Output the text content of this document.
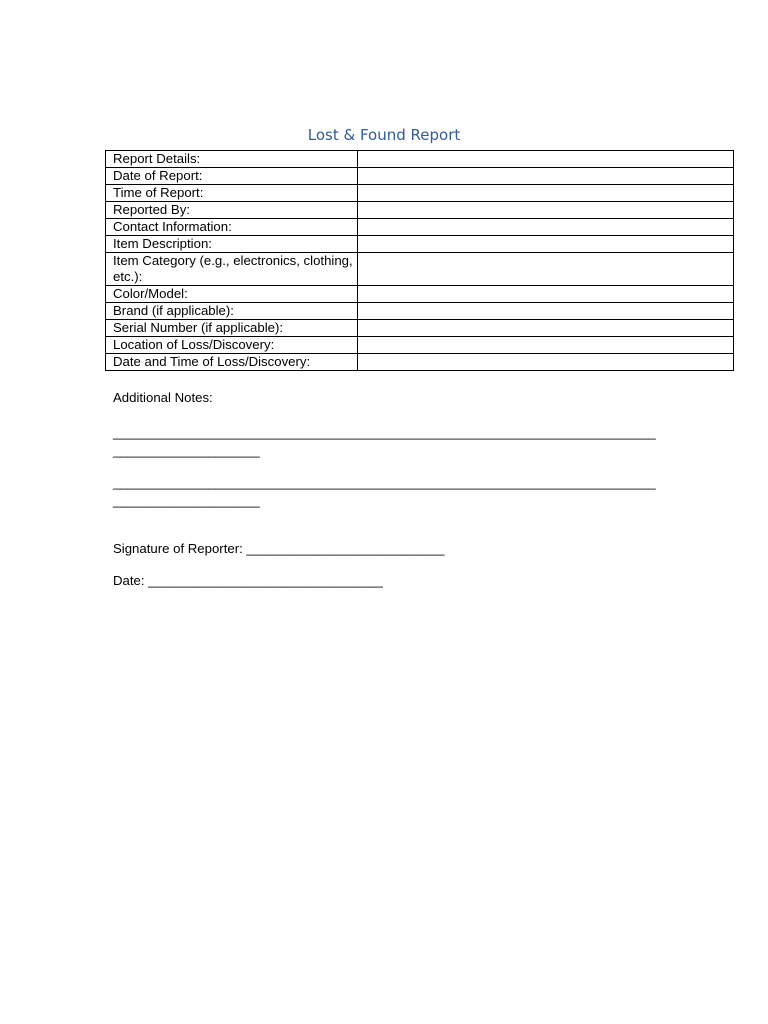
Lost & Found Report
Report Details:	
Date of Report:	
Time of Report:	
Reported By:	
Contact Information:	
Item Description:	
Item Category (e.g., electronics, clothing, etc.):	
Color/Model:	
Brand (if applicable):	
Serial Number (if applicable):	
Location of Loss/Discovery:	
Date and Time of Loss/Discovery:	
Additional Notes:
__________________________________________________________________________
____________________
__________________________________________________________________________
____________________
Signature of Reporter: ___________________________
Date: ________________________________
